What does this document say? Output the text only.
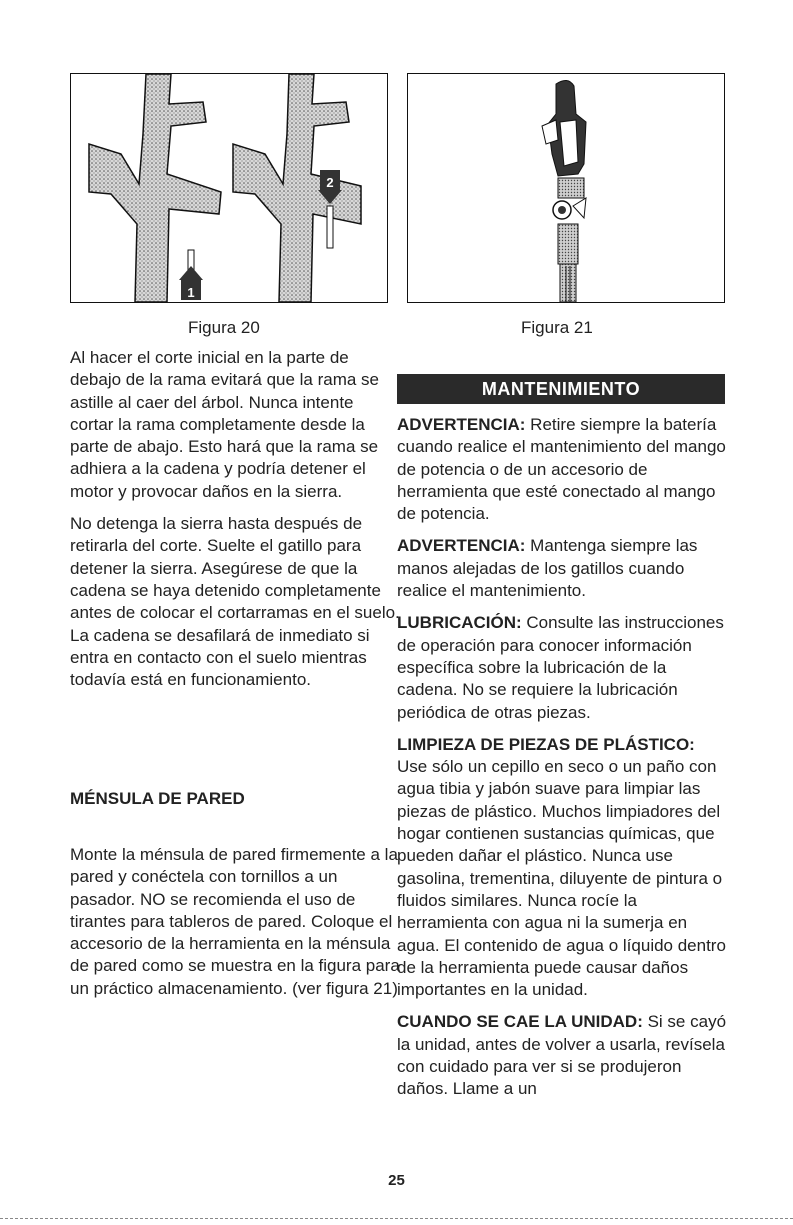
1
2
Figura 20	Figura 21

Al hacer el corte inicial en la parte de debajo de la rama evitará que la rama se astille al caer del árbol. Nunca intente cortar la rama completamente desde la parte de abajo. Esto hará que la rama se adhiera a la cadena y podría detener el motor y provocar daños en la sierra.

No detenga la sierra hasta después de retirarla del corte. Suelte el gatillo para detener la sierra. Asegúrese de que la cadena se haya detenido completamente antes de colocar el cortarramas en el suelo. La cadena se desafilará de inmediato si entra en contacto con el suelo mientras todavía está en funcionamiento.

MÉNSULA DE PARED

Monte la ménsula de pared firmemente a la pared y conéctela con tornillos a un pasador. NO se recomienda el uso de tirantes para tableros de pared. Coloque el accesorio de la herramienta en la ménsula de pared como se muestra en la figura para un práctico almacenamiento. (ver figura 21)

MANTENIMIENTO

ADVERTENCIA: Retire siempre la batería cuando realice el mantenimiento del mango de potencia o de un accesorio de herramienta que esté conectado al mango de potencia.

ADVERTENCIA: Mantenga siempre las manos alejadas de los gatillos cuando realice el mantenimiento.

LUBRICACIÓN: Consulte las instrucciones de operación para conocer información específica sobre la lubricación de la cadena. No se requiere la lubricación periódica de otras piezas.

LIMPIEZA DE PIEZAS DE PLÁSTICO: Use sólo un cepillo en seco o un paño con agua tibia y jabón suave para limpiar las piezas de plástico. Muchos limpiadores del hogar contienen sustancias químicas, que pueden dañar el plástico. Nunca use gasolina, trementina, diluyente de pintura o fluidos similares. Nunca rocíe la herramienta con agua ni la sumerja en agua. El contenido de agua o líquido dentro de la herramienta puede causar daños importantes en la unidad.

CUANDO SE CAE LA UNIDAD: Si se cayó la unidad, antes de volver a usarla, revísela con cuidado para ver si se produjeron daños. Llame a un

25
